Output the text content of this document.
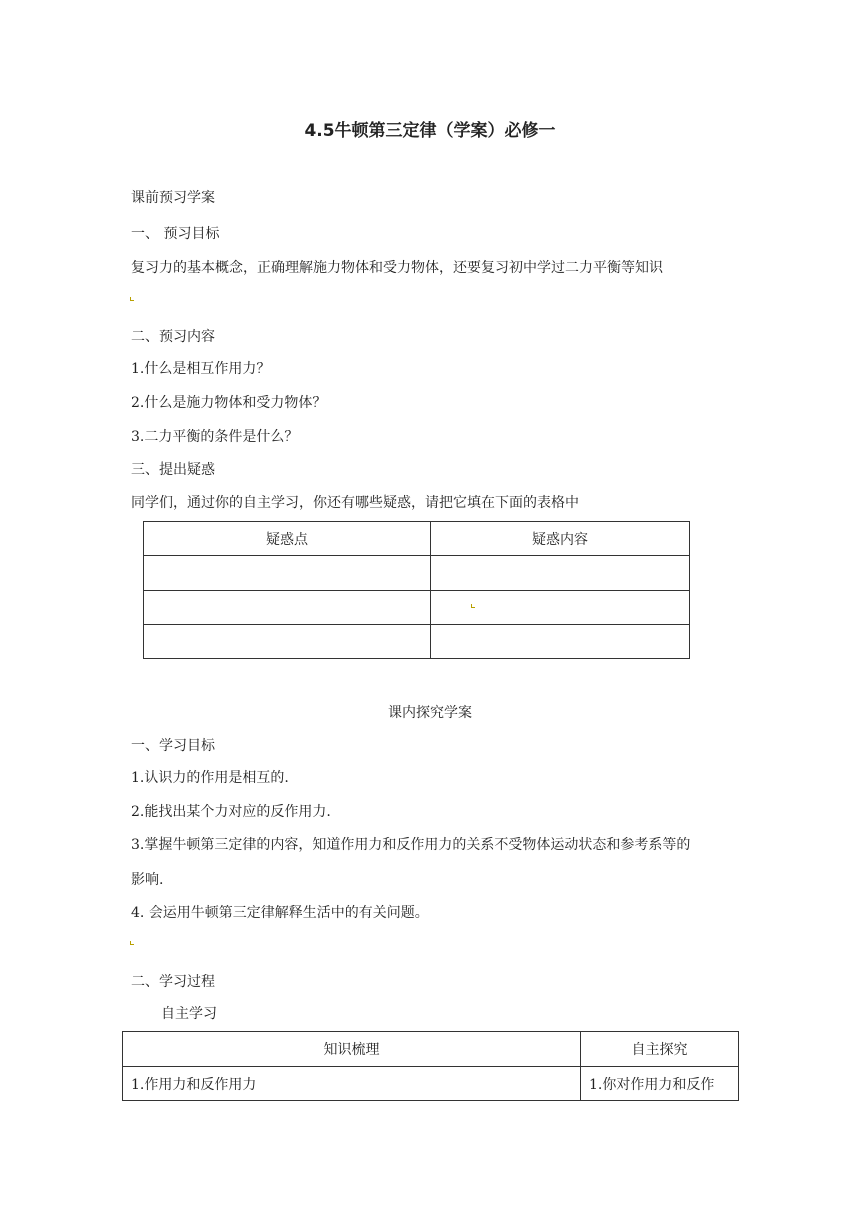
4.5牛顿第三定律（学案）必修一
课前预习学案
一、 预习目标
复习力的基本概念，正确理解施力物体和受力物体，还要复习初中学过二力平衡等知识
二、预习内容
1.什么是相互作用力？
2.什么是施力物体和受力物体？
3.二力平衡的条件是什么？
三、提出疑惑
同学们，通过你的自主学习，你还有哪些疑惑，请把它填在下面的表格中
疑惑点	疑惑内容

课内探究学案
一、学习目标
1.认识力的作用是相互的.
2.能找出某个力对应的反作用力.
3.掌握牛顿第三定律的内容，知道作用力和反作用力的关系不受物体运动状态和参考系等的
影响.
4. 会运用牛顿第三定律解释生活中的有关问题。
二、学习过程
自主学习
知识梳理	自主探究
1.作用力和反作用力	1.你对作用力和反作
